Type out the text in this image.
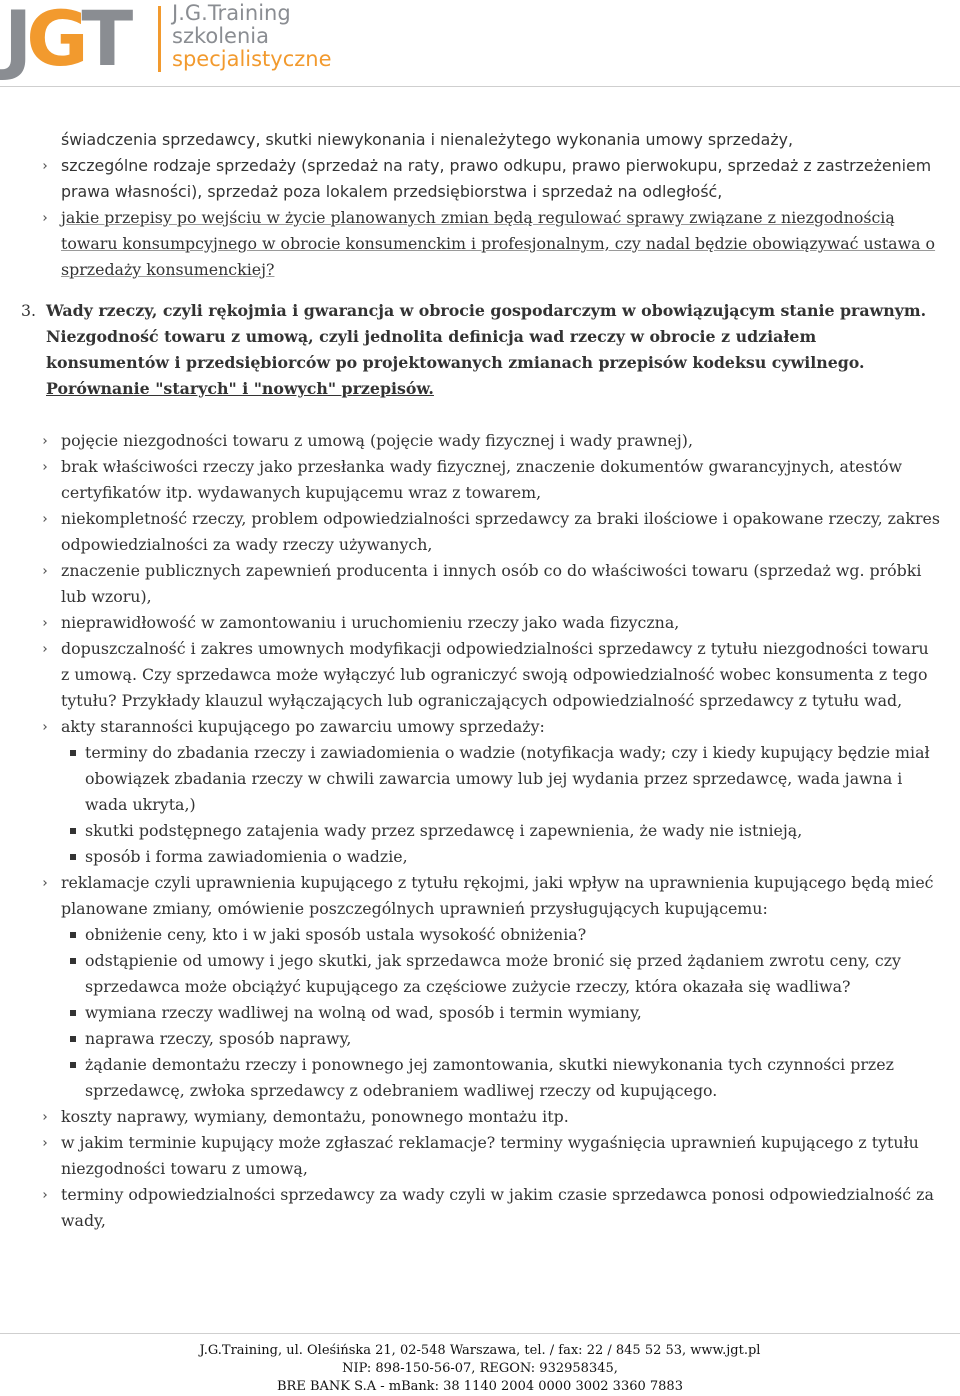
JGT J.G.Training
szkolenia
specjalistyczne
świadczenia sprzedawcy, skutki niewykonania i nienależytego wykonania umowy sprzedaży,
szczególne rodzaje sprzedaży (sprzedaż na raty, prawo odkupu, prawo pierwokupu, sprzedaż z zastrzeżeniem prawa własności), sprzedaż poza lokalem przedsiębiorstwa i sprzedaż na odległość,
jakie przepisy po wejściu w życie planowanych zmian będą regulować sprawy związane z niezgodnością towaru konsumpcyjnego w obrocie konsumenckim i profesjonalnym, czy nadal będzie obowiązywać ustawa o sprzedaży konsumenckiej?
3. Wady rzeczy, czyli rękojmia i gwarancja w obrocie gospodarczym w obowiązującym stanie prawnym. Niezgodność towaru z umową, czyli jednolita definicja wad rzeczy w obrocie z udziałem konsumentów i przedsiębiorców po projektowanych zmianach przepisów kodeksu cywilnego. Porównanie "starych" i "nowych" przepisów.
pojęcie niezgodności towaru z umową (pojęcie wady fizycznej i wady prawnej),
brak właściwości rzeczy jako przesłanka wady fizycznej, znaczenie dokumentów gwarancyjnych, atestów certyfikatów itp. wydawanych kupującemu wraz z towarem,
niekompletność rzeczy, problem odpowiedzialności sprzedawcy za braki ilościowe i opakowane rzeczy, zakres odpowiedzialności za wady rzeczy używanych,
znaczenie publicznych zapewnień producenta i innych osób co do właściwości towaru (sprzedaż wg. próbki lub wzoru),
nieprawidłowość w zamontowaniu i uruchomieniu rzeczy jako wada fizyczna,
dopuszczalność i zakres umownych modyfikacji odpowiedzialności sprzedawcy z tytułu niezgodności towaru z umową. Czy sprzedawca może wyłączyć lub ograniczyć swoją odpowiedzialność wobec konsumenta z tego tytułu? Przykłady klauzul wyłączających lub ograniczających odpowiedzialność sprzedawcy z tytułu wad,
akty staranności kupującego po zawarciu umowy sprzedaży:
terminy do zbadania rzeczy i zawiadomienia o wadzie (notyfikacja wady; czy i kiedy kupujący będzie miał obowiązek zbadania rzeczy w chwili zawarcia umowy lub jej wydania przez sprzedawcę, wada jawna i wada ukryta,)
skutki podstępnego zatajenia wady przez sprzedawcę i zapewnienia, że wady nie istnieją,
sposób i forma zawiadomienia o wadzie,
reklamacje czyli uprawnienia kupującego z tytułu rękojmi, jaki wpływ na uprawnienia kupującego będą mieć planowane zmiany, omówienie poszczególnych uprawnień przysługujących kupującemu:
obniżenie ceny, kto i w jaki sposób ustala wysokość obniżenia?
odstąpienie od umowy i jego skutki, jak sprzedawca może bronić się przed żądaniem zwrotu ceny, czy sprzedawca może obciążyć kupującego za częściowe zużycie rzeczy, która okazała się wadliwa?
wymiana rzeczy wadliwej na wolną od wad, sposób i termin wymiany,
naprawa rzeczy, sposób naprawy,
żądanie demontażu rzeczy i ponownego jej zamontowania, skutki niewykonania tych czynności przez sprzedawcę, zwłoka sprzedawcy z odebraniem wadliwej rzeczy od kupującego.
koszty naprawy, wymiany, demontażu, ponownego montażu itp.
w jakim terminie kupujący może zgłaszać reklamacje? terminy wygaśnięcia uprawnień kupującego z tytułu niezgodności towaru z umową,
terminy odpowiedzialności sprzedawcy za wady czyli w jakim czasie sprzedawca ponosi odpowiedzialność za wady,
J.G.Training, ul. Oleśińska 21, 02-548 Warszawa, tel. / fax: 22 / 845 52 53, www.jgt.pl
NIP: 898-150-56-07, REGON: 932958345,
BRE BANK S.A - mBank: 38 1140 2004 0000 3002 3360 7883
